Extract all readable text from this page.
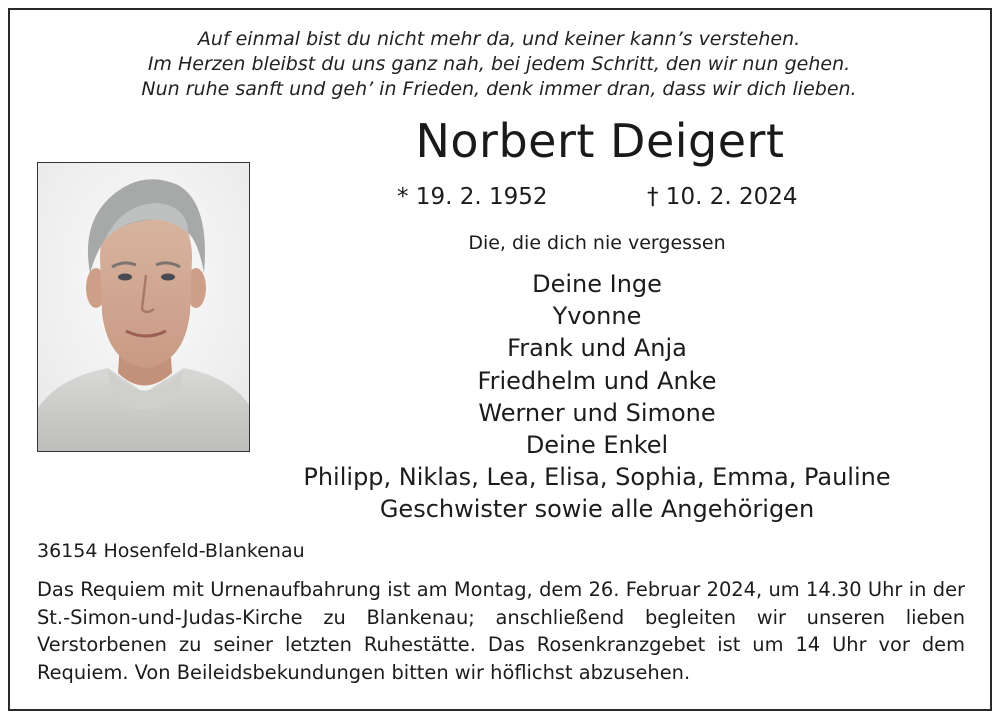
Auf einmal bist du nicht mehr da, und keiner kann’s verstehen.
Im Herzen bleibst du uns ganz nah, bei jedem Schritt, den wir nun gehen.
Nun ruhe sanft und geh’ in Frieden, denk immer dran, dass wir dich lieben.
Norbert Deigert
* 19. 2. 1952	† 10. 2. 2024
Die, die dich nie vergessen
Deine Inge
Yvonne
Frank und Anja
Friedhelm und Anke
Werner und Simone
Deine Enkel
Philipp, Niklas, Lea, Elisa, Sophia, Emma, Pauline
Geschwister sowie alle Angehörigen
36154 Hosenfeld-Blankenau

Das Requiem mit Urnenaufbahrung ist am Montag, dem 26. Februar 2024, um 14.30 Uhr in der St.-Simon-und-Judas-Kirche zu Blankenau; anschließend begleiten wir unseren lieben Verstorbenen zu seiner letzten Ruhestätte. Das Rosenkranzgebet ist um 14 Uhr vor dem Requiem. Von Beileidsbekundungen bitten wir höflichst abzusehen.
